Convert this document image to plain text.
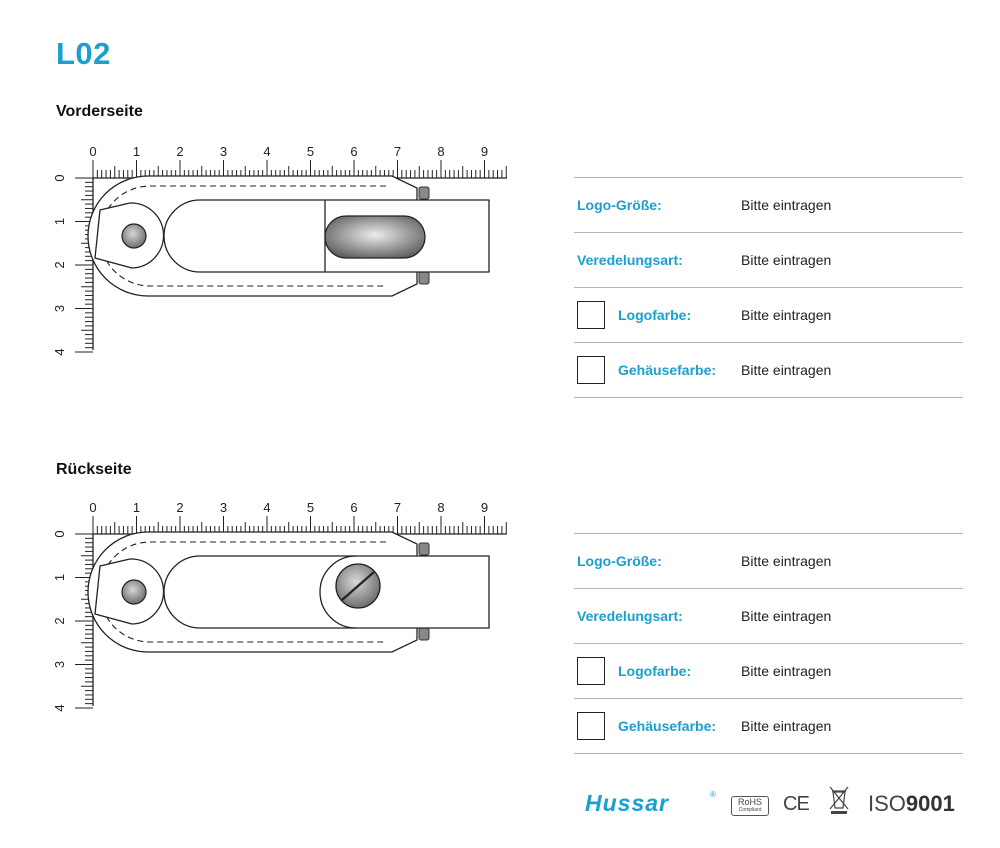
L02
Vorderseite
0	1	2	3	4	5	6	7	8	9
0
1
2
3
4
Logo-Größe:	Bitte eintragen
Veredelungsart:	Bitte eintragen
Logofarbe:	Bitte eintragen
Gehäusefarbe: Bitte eintragen
Rückseite
0	1	2	3	4	5	6	7	8	9
0
1
2
3
4
Logo-Größe:	Bitte eintragen
Veredelungsart:	Bitte eintragen
Logofarbe:	Bitte eintragen
Gehäusefarbe: Bitte eintragen
Hussar	®
RoHS
Compliant	CE	ISO9001
